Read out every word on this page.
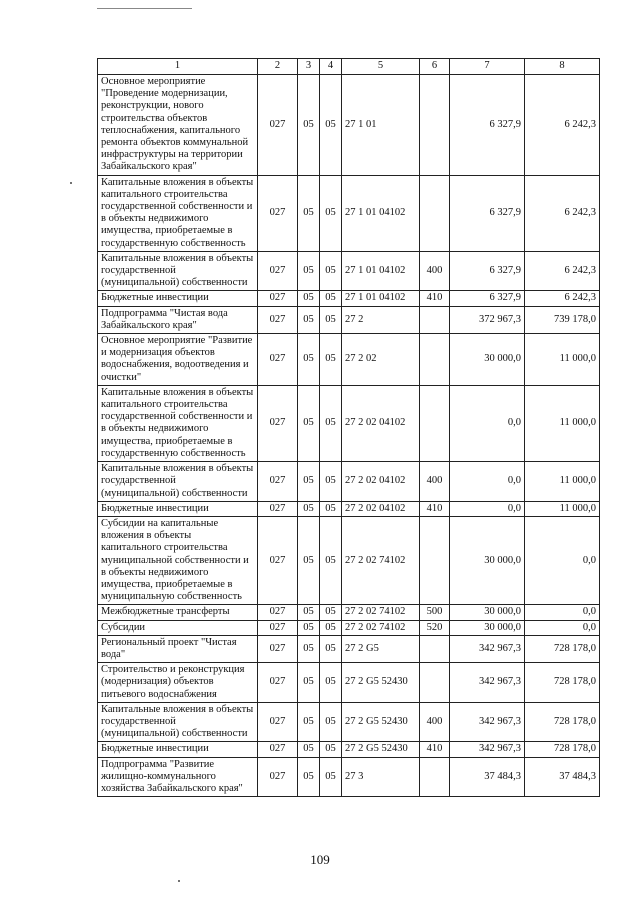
1	2	3	4	5	6	7	8
Основное мероприятие "Проведение модернизации, реконструкции, нового строительства объектов теплоснабжения, капитального ремонта объектов коммунальной инфраструктуры на территории Забайкальского края"	027	05	05	27 1 01		6 327,9	6 242,3
Капитальные вложения в объекты капитального строительства государственной собственности и в объекты недвижимого имущества, приобретаемые в государственную собственность	027	05	05	27 1 01 04102		6 327,9	6 242,3
Капитальные вложения в объекты государственной (муниципальной) собственности	027	05	05	27 1 01 04102	400	6 327,9	6 242,3
Бюджетные инвестиции	027	05	05	27 1 01 04102	410	6 327,9	6 242,3
Подпрограмма "Чистая вода Забайкальского края"	027	05	05	27 2		372 967,3	739 178,0
Основное мероприятие "Развитие и модернизация объектов водоснабжения, водоотведения и очистки"	027	05	05	27 2 02		30 000,0	11 000,0
Капитальные вложения в объекты капитального строительства государственной собственности и в объекты недвижимого имущества, приобретаемые в государственную собственность	027	05	05	27 2 02 04102		0,0	11 000,0
Капитальные вложения в объекты государственной (муниципальной) собственности	027	05	05	27 2 02 04102	400	0,0	11 000,0
Бюджетные инвестиции	027	05	05	27 2 02 04102	410	0,0	11 000,0
Субсидии на капитальные вложения в объекты капитального строительства муниципальной собственности и в объекты недвижимого имущества, приобретаемые в муниципальную собственность	027	05	05	27 2 02 74102		30 000,0	0,0
Межбюджетные трансферты	027	05	05	27 2 02 74102	500	30 000,0	0,0
Субсидии	027	05	05	27 2 02 74102	520	30 000,0	0,0
Региональный проект "Чистая вода"	027	05	05	27 2 G5		342 967,3	728 178,0
Строительство и реконструкция (модернизация) объектов питьевого водоснабжения	027	05	05	27 2 G5 52430		342 967,3	728 178,0
Капитальные вложения в объекты государственной (муниципальной) собственности	027	05	05	27 2 G5 52430	400	342 967,3	728 178,0
Бюджетные инвестиции	027	05	05	27 2 G5 52430	410	342 967,3	728 178,0
Подпрограмма "Развитие жилищно-коммунального хозяйства Забайкальского края"	027	05	05	27 3		37 484,3	37 484,3
109
